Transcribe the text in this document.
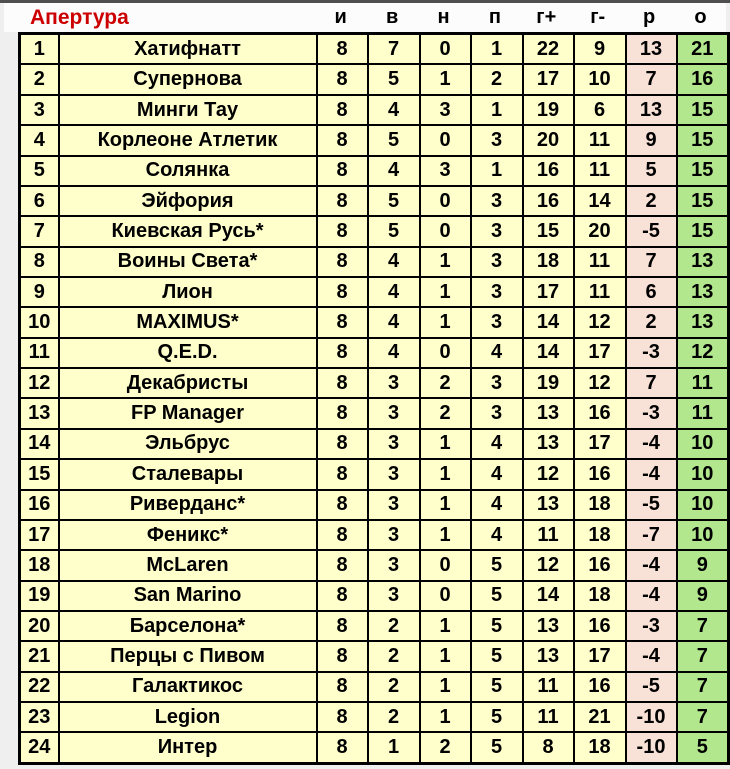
Апертура	и	в	н	п	г+	г-	р	о
1	Хатифнатт	8	7	0	1	22	9	13	21
2	Супернова	8	5	1	2	17	10	7	16
3	Минги Тау	8	4	3	1	19	6	13	15
4	Корлеоне Атлетик	8	5	0	3	20	11	9	15
5	Солянка	8	4	3	1	16	11	5	15
6	Эйфория	8	5	0	3	16	14	2	15
7	Киевская Русь*	8	5	0	3	15	20	-5	15
8	Воины Света*	8	4	1	3	18	11	7	13
9	Лион	8	4	1	3	17	11	6	13
10	MAXIMUS*	8	4	1	3	14	12	2	13
11	Q.E.D.	8	4	0	4	14	17	-3	12
12	Декабристы	8	3	2	3	19	12	7	11
13	FP Manager	8	3	2	3	13	16	-3	11
14	Эльбрус	8	3	1	4	13	17	-4	10
15	Сталевары	8	3	1	4	12	16	-4	10
16	Риверданс*	8	3	1	4	13	18	-5	10
17	Феникс*	8	3	1	4	11	18	-7	10
18	McLaren	8	3	0	5	12	16	-4	9
19	San Marino	8	3	0	5	14	18	-4	9
20	Барселона*	8	2	1	5	13	16	-3	7
21	Перцы с Пивом	8	2	1	5	13	17	-4	7
22	Галактикос	8	2	1	5	11	16	-5	7
23	Legion	8	2	1	5	11	21	-10	7
24	Интер	8	1	2	5	8	18	-10	5
